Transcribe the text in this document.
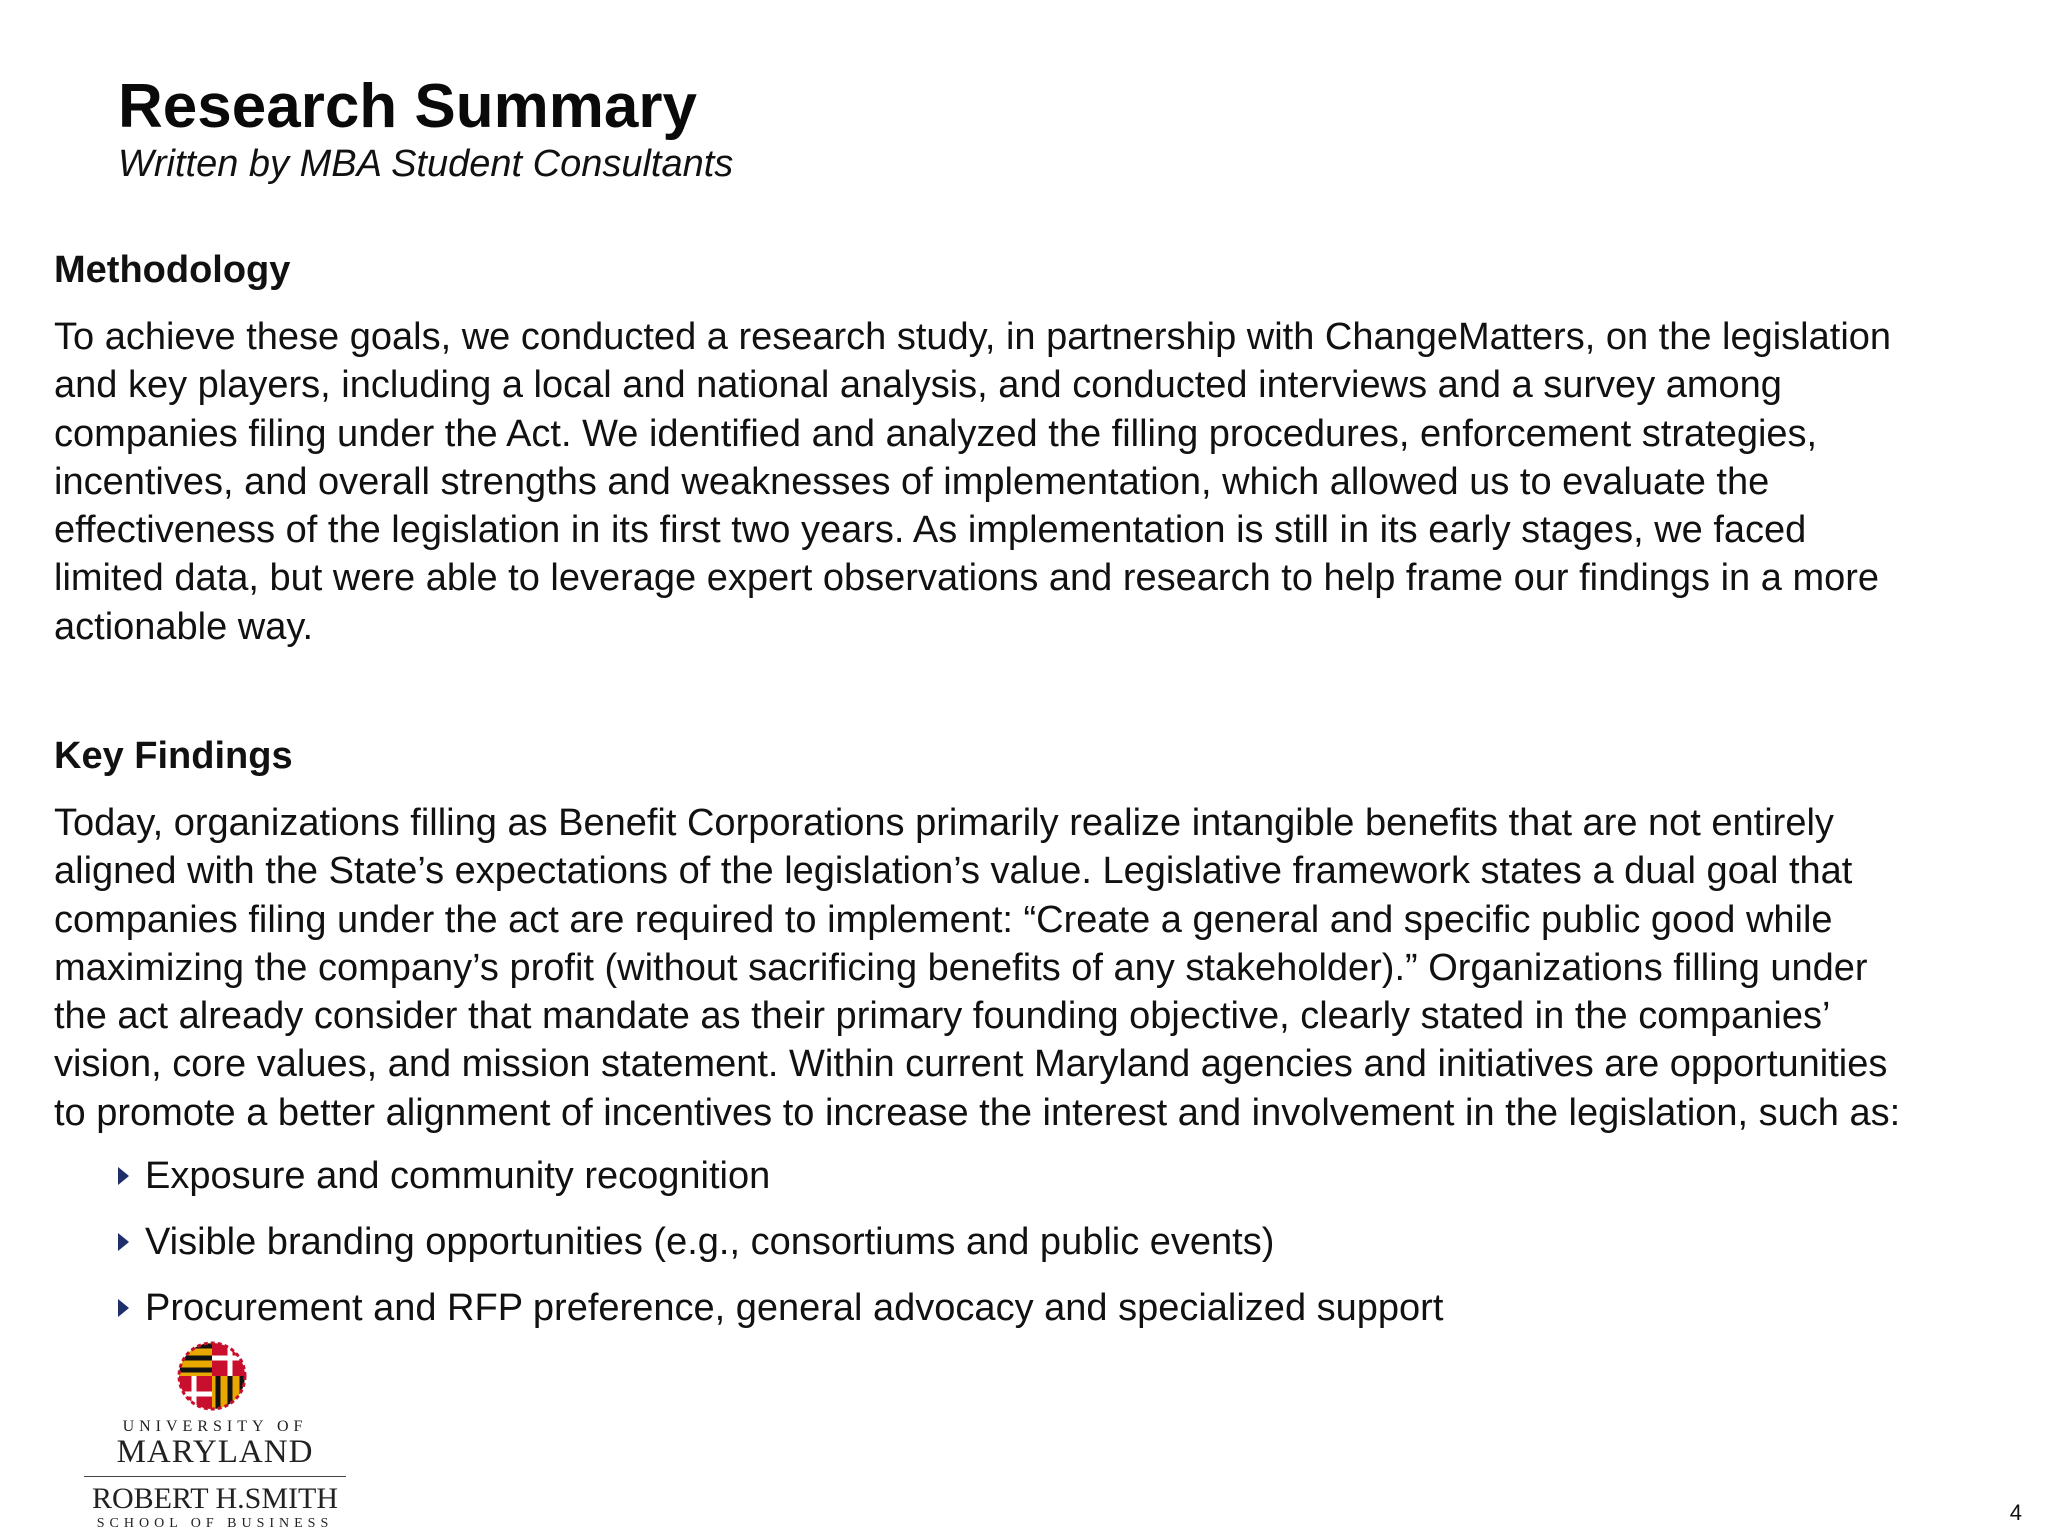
Research Summary

Written by MBA Student Consultants

Methodology
To achieve these goals, we conducted a research study, in partnership with ChangeMatters, on the legislation
and key players, including a local and national analysis, and conducted interviews and a survey among
companies filing under the Act. We identified and analyzed the filling procedures, enforcement strategies,
incentives, and overall strengths and weaknesses of implementation, which allowed us to evaluate the
effectiveness of the legislation in its first two years. As implementation is still in its early stages, we faced
limited data, but were able to leverage expert observations and research to help frame our findings in a more
actionable way.
Key Findings
Today, organizations filling as Benefit Corporations primarily realize intangible benefits that are not entirely
aligned with the State’s expectations of the legislation’s value. Legislative framework states a dual goal that
companies filing under the act are required to implement: “Create a general and specific public good while
maximizing the company’s profit (without sacrificing benefits of any stakeholder).” Organizations filling under
the act already consider that mandate as their primary founding objective, clearly stated in the companies’
vision, core values, and mission statement. Within current Maryland agencies and initiatives are opportunities
to promote a better alignment of incentives to increase the interest and involvement in the legislation, such as:
Exposure and community recognition
Visible branding opportunities (e.g., consortiums and public events)
Procurement and RFP preference, general advocacy and specialized support
UNIVERSITY OF
MARYLAND
ROBERT H.SMITH
SCHOOL OF BUSINESS	4
